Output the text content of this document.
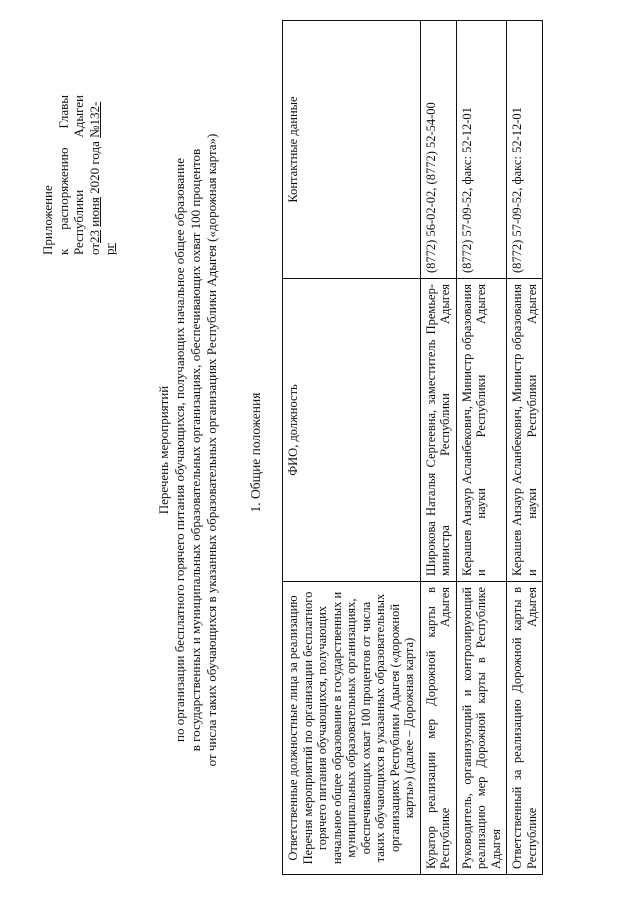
Приложение к
распоряжению
Главы
Республики
Адыгеи
от23 июня 2020 года №132-рг
Перечень мероприятий по организации бесплатного горячего питания обучающихся, получающих начальное общее образование в государственных и муниципальных образовательных организациях, обеспечивающих охват 100 процентов от числа таких обучающихся в указанных образовательных организациях Республики Адыгея («дорожная карта») 1. Общие положения
Ответственные должностные лица за реализацию Перечня мероприятий по организации бесплатного горячего питания обучающихся, получающих начальное общее образование в государственных и муниципальных образовательных организациях, обеспечивающих охват 100 процентов от числа таких обучающихся в указанных образовательных организациях Республики Адыгея («дорожной карты») (далее – Дорожная карта)	ФИО, должность	Контактные данные
Куратор реализации мер Дорожной карты в Республике Адыгея	Широкова Наталья Сергеевна, заместитель Премьер-министра Республики Адыгея	(8772) 56-02-02, (8772) 52-54-00
Руководитель, организующий и контролирующий реализацию мер Дорожной карты в Республике Адыгея	Керашев Анзаур Асланбекович, Министр образования и науки Республики Адыгея	(8772) 57-09-52, факс: 52-12-01
Ответственный за реализацию Дорожной карты в Республике Адыгея	Керашев Анзаур Асланбекович, Министр образования и науки Республики Адыгея	(8772) 57-09-52, факс: 52-12-01
